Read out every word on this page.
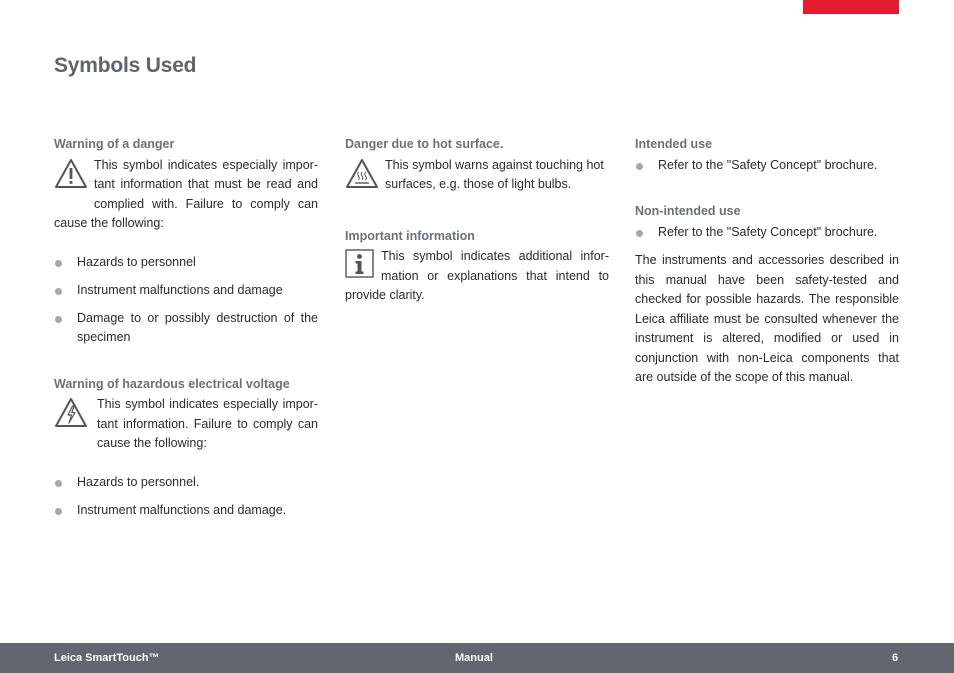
Symbols Used
Warning of a danger

This symbol indicates especially impor-tant information that must be read and complied with. Failure to comply can cause the following:

Hazards to personnel
Instrument malfunctions and damage
Damage to or possibly destruction of the specimen
Warning of hazardous electrical voltage

This symbol indicates especially impor-tant information. Failure to comply can cause the following:

Hazards to personnel.
Instrument malfunctions and damage.
Danger due to hot surface.

This symbol warns against touching hot surfaces, e.g. those of light bulbs.

Important information

This symbol indicates additional infor-mation or explanations that intend to provide clarity.

Intended use
Refer to the "Safety Concept" brochure.
Non-intended use
Refer to the "Safety Concept" brochure.

The instruments and accessories described in this manual have been safety-tested and checked for possible hazards. The responsible Leica affiliate must be consulted whenever the instrument is altered, modified or used in conjunction with non-Leica components that are outside of the scope of this manual.

Leica SmartTouch™	Manual	6
